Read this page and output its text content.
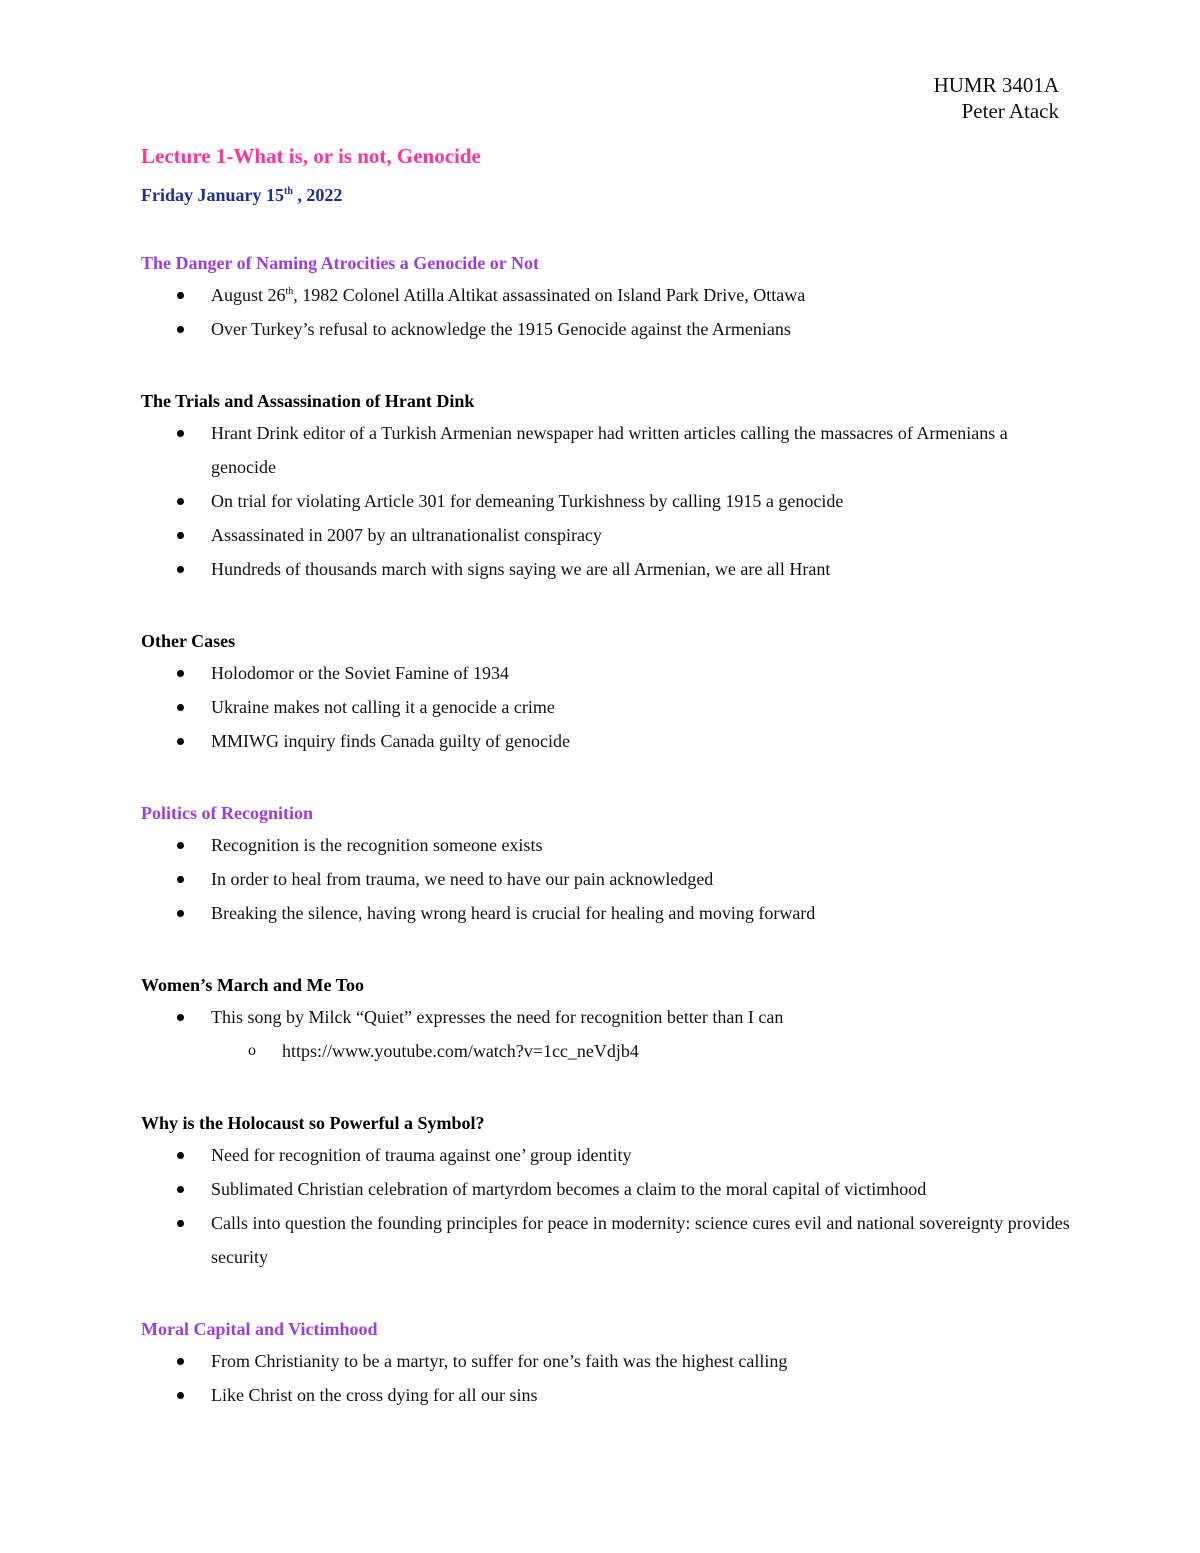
HUMR 3401A
Peter Atack
Lecture 1-What is, or is not, Genocide

Friday January 15th , 2022

The Danger of Naming Atrocities a Genocide or Not
August 26th, 1982 Colonel Atilla Altikat assassinated on Island Park Drive, Ottawa
Over Turkey’s refusal to acknowledge the 1915 Genocide against the Armenians
The Trials and Assassination of Hrant Dink
Hrant Drink editor of a Turkish Armenian newspaper had written articles calling the massacres of Armenians a genocide
On trial for violating Article 301 for demeaning Turkishness by calling 1915 a genocide
Assassinated in 2007 by an ultranationalist conspiracy
Hundreds of thousands march with signs saying we are all Armenian, we are all Hrant
Other Cases
Holodomor or the Soviet Famine of 1934
Ukraine makes not calling it a genocide a crime
MMIWG inquiry finds Canada guilty of genocide
Politics of Recognition
Recognition is the recognition someone exists
In order to heal from trauma, we need to have our pain acknowledged
Breaking the silence, having wrong heard is crucial for healing and moving forward
Women’s March and Me Too
This song by Milck “Quiet” expresses the need for recognition better than I can
o https://www.youtube.com/watch?v=1cc_neVdjb4
Why is the Holocaust so Powerful a Symbol?
Need for recognition of trauma against one’ group identity
Sublimated Christian celebration of martyrdom becomes a claim to the moral capital of victimhood
Calls into question the founding principles for peace in modernity: science cures evil and national sovereignty provides security
Moral Capital and Victimhood
From Christianity to be a martyr, to suffer for one’s faith was the highest calling
Like Christ on the cross dying for all our sins
